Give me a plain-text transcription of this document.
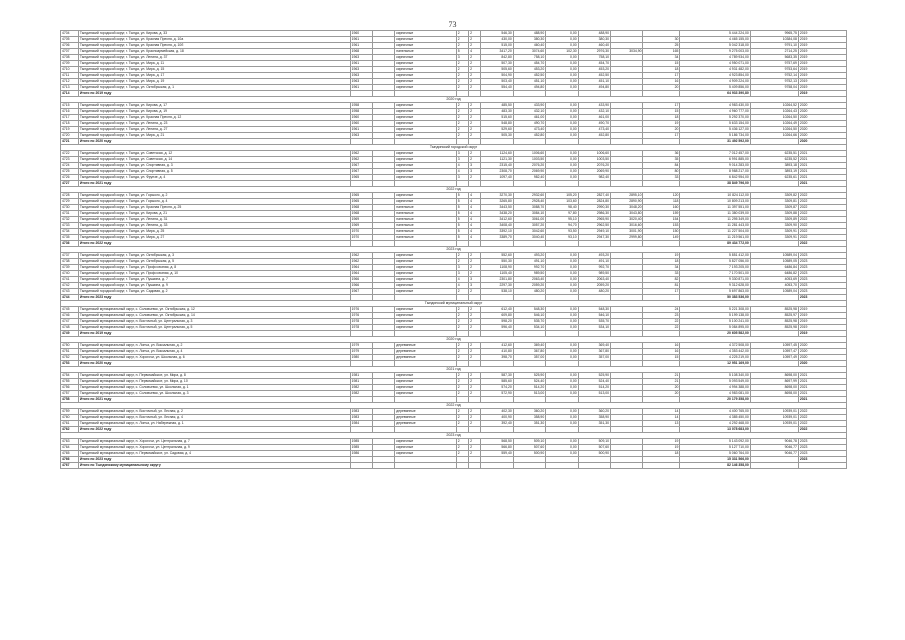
73
4704	Тындинский городской округ, г. Тында, ул. Кирова, д. 33	1960		кирпичные	2	2	546,30	488,90	0,00	488,90			5 444 224,00	9965,75	2019
4705	Тындинский городской округ, г. Тында, ул. Красная Пресня, д. 10а	1961		кирпичные	2	2	430,00	380,30	0,00	380,30		30	4 465 155,00	10384,08	2019
4706	Тындинский городской округ, г. Тында, ул. Красная Пресня, д. 10б	1961		кирпичные	2	2	515,00	460,40	0,00	460,40		25	5 042 318,00	9791,10	2019
4707	Тындинский городской округ, г. Тында, ул. Красноармейская, д. 18	1968		панельные	5	4	3417,20	3074,60	102,30	2976,30	3034,90	165	9 275 003,00	2714,25	2019
4708	Тындинский городской округ, г. Тында, ул. Ленина, д. 37	1963		кирпичные	3	2	842,80	758,10	0,00	758,10		34	4 789 934,00	5683,35	2019
4709	Тындинский городской округ, г. Тында, ул. Мира, д. 11	1961		кирпичные	2	2	507,30	454,70	0,00	454,70		15	4 950 071,00	9757,69	2019
4710	Тындинский городской округ, г. Тында, ул. Мира, д. 15	1963		кирпичные	2	2	505,60	453,20	0,00	453,20		18	4 931 482,00	9753,64	2019
4711	Тындинский городской округ, г. Тында, ул. Мира, д. 17	1963		кирпичные	2	2	504,90	452,50	0,00	452,50		17	4 923 854,00	9752,14	2019
4712	Тындинский городской округ, г. Тында, ул. Мира, д. 19	1963		кирпичные	2	2	503,40	451,10	0,00	451,10		16	4 909 224,00	9752,13	2019
4713	Тындинский городской округ, г. Тында, ул. Октябрьская, д. 1	1961		кирпичные	2	2	554,40	494,80	0,00	494,80		20	5 409 856,00	9758,04	2019
4714	Итого по 2019 году												64 933 390,80		2019
2020 год															
4715	Тындинский городской округ, г. Тында, ул. Кирова, д. 17	1958		кирпичные	2	2	485,50	433,90	0,00	433,90		17	4 983 430,00	10264,52	2020
4716	Тындинский городской округ, г. Тында, ул. Кирова, д. 19	1958		кирпичные	2	2	483,30	432,10	0,00	432,10		15	4 960 777,00	10264,43	2020
4717	Тындинский городской округ, г. Тында, ул. Красная Пресня, д. 12	1960		кирпичные	2	2	515,60	461,00	0,00	461,00		18	5 292 370,00	10264,50	2020
4718	Тындинский городской округ, г. Тында, ул. Ленина, д. 23	1960		кирпичные	2	2	548,80	490,70	0,00	490,70		19	5 633 154,00	10264,49	2020
4719	Тындинский городской округ, г. Тында, ул. Ленина, д. 27	1961		кирпичные	2	2	529,60	473,40	0,00	473,40		20	5 436 127,00	10264,50	2020
4720	Тындинский городской округ, г. Тында, ул. Мира, д. 21	1963		кирпичные	2	2	505,30	452,80	0,00	452,80		17	5 186 734,00	10264,66	2020
4721	Итого по 2020 году												31 492 592,00		2020
Тындинский городской округ															
4722	Тындинский городской округ, г. Тында, ул. Советская, д. 12	1962		кирпичные	3	2	1124,60	1006,60	0,00	1006,60		36	7 012 457,00	6235,51	2021
4723	Тындинский городской округ, г. Тында, ул. Советская, д. 14	1962		кирпичные	3	2	1121,30	1003,50	0,00	1003,50		35	6 991 885,00	6235,52	2021
4724	Тындинский городской округ, г. Тында, ул. Спортивная, д. 3	1967		кирпичные	4	3	2315,40	2076,20	0,00	2076,20		84	9 014 283,00	3893,18	2021
4725	Тындинский городской округ, г. Тында, ул. Спортивная, д. 5	1967		кирпичные	4	3	2308,70	2069,90	0,00	2069,90		80	8 988 217,00	3893,19	2021
4726	Тындинский городской округ, г. Тында, ул. Фрунзе, д. 4	1965		кирпичные	3	2	1097,40	982,40	0,00	982,40		33	6 842 954,00	6235,61	2021
4727	Итого по 2021 году												38 849 796,00		2021
2022 год															
4728	Тындинский городской округ, г. Тында, ул. Горького, д. 2	1965		кирпичные	5	4	3270,30	2932,60	105,20	2827,40	2895,10	120	10 824 112,00	3309,82	2022
4729	Тындинский городской округ, г. Тында, ул. Горького, д. 4	1965		кирпичные	5	4	3265,80	2928,40	103,60	2824,80	2890,90	118	10 809 213,00	3309,81	2022
4730	Тындинский городской округ, г. Тында, ул. Красная Пресня, д. 25	1968		панельные	5	4	3443,50	3088,70	98,40	2990,30	3048,20	160	11 397 551,00	3309,87	2022
4731	Тындинский городской округ, г. Тында, ул. Кирова, д. 21	1968		панельные	5	4	3438,20	3084,10	97,80	2986,30	3043,80	159	11 380 039,00	3309,88	2022
4732	Тындинский городской округ, г. Тында, ул. Ленина, д. 31	1969		панельные	5	4	3412,60	3061,00	95,10	2965,90	3020,40	154	11 295 349,00	3309,89	2022
4733	Тындинский городской округ, г. Тында, ул. Ленина, д. 33	1969		панельные	5	4	3408,40	3057,20	94,70	2962,50	3016,60	153	11 281 443,00	3309,90	2022
4734	Тындинский городской округ, г. Тында, ул. Мира, д. 25	1970		панельные	5	4	3392,10	3042,60	93,50	2949,10	3001,90	150	11 227 504,00	3309,91	2022
4735	Тындинский городской округ, г. Тында, ул. Мира, д. 27	1970		панельные	5	4	3389,70	3040,40	93,10	2947,30	2999,80	149	11 219 561,00	3309,91	2022
4736	Итого по 2022 году												89 434 772,00		2022
2023 год															
4737	Тындинский городской округ, г. Тында, ул. Октябрьская, д. 3	1962		кирпичные	2	2	552,60	493,20	0,00	493,20		19	5 851 412,00	10589,04	2023
4738	Тындинский городской округ, г. Тында, ул. Октябрьская, д. 5	1962		кирпичные	2	2	550,30	491,10	0,00	491,10		18	5 827 056,00	10589,05	2023
4739	Тындинский городской округ, г. Тында, ул. Профсоюзная, д. 8	1964		кирпичные	3	2	1108,90	992,70	0,00	992,70		34	7 193 205,00	6486,84	2023
4740	Тындинский городской округ, г. Тында, ул. Профсоюзная, д. 10	1964		кирпичные	3	2	1105,40	989,50	0,00	989,50		33	7 170 501,00	6486,82	2023
4741	Тындинский городской округ, г. Тында, ул. Пушкина, д. 7	1966		кирпичные	4	3	2301,80	2063,40	0,00	2063,40		82	9 330 871,00	4053,69	2023
4742	Тындинский городской округ, г. Тында, ул. Пушкина, д. 9	1966		кирпичные	4	3	2297,30	2059,20	0,00	2059,20		81	9 312 628,00	4053,70	2023
4743	Тындинский городской округ, г. Тында, ул. Садовая, д. 2	1967		кирпичные	2	2	538,10	480,20	0,00	480,20		17	5 697 863,00	10589,04	2023
4744	Итого по 2023 году												50 383 536,00		2023
Тындинский муниципальный округ															
4745	Тындинский муниципальный округ, с. Соловьевск, ул. Октябрьская, д. 12	1976		кирпичные	2	2	612,40	548,30	0,00	548,30		24	5 221 308,00	8525,98	2019
4746	Тындинский муниципальный округ, с. Соловьевск, ул. Октябрьская, д. 14	1976		кирпичные	2	2	609,80	546,10	0,00	546,10		23	5 199 138,00	8525,97	2019
4747	Тындинский муниципальный округ, п. Восточный, ул. Центральная, д. 3	1978		кирпичные	2	2	598,20	535,70	0,00	535,70		22	5 100 241,00	8525,98	2019
4748	Тындинский муниципальный округ, п. Восточный, ул. Центральная, д. 5	1978		кирпичные	2	2	596,40	534,10	0,00	534,10		22	5 084 895,00	8525,98	2019
4749	Итого по 2019 году												20 605 582,00		2019
2020 год															
4750	Тындинский муниципальный округ, п. Лопча, ул. Вокзальная, д. 2	1979		деревянные	2	2	412,60	369,40	0,00	369,40		16	4 372 508,00	10597,45	2020
4751	Тындинский муниципальный округ, п. Лопча, ул. Вокзальная, д. 4	1979		деревянные	2	2	410,80	367,80	0,00	367,80		16	4 353 442,00	10597,47	2020
4752	Тындинский муниципальный округ, п. Хорогочи, ул. Школьная, д. 6	1980		деревянные	2	2	398,70	357,00	0,00	357,00		15	4 225 219,00	10597,49	2020
4753	Итого по 2020 году												12 951 169,00		2020
2021 год															
4754	Тындинский муниципальный округ, п. Первомайское, ул. Мира, д. 8	1981		кирпичные	2	2	587,30	525,90	0,00	525,90		21	5 108 340,00	8698,00	2021
4755	Тындинский муниципальный округ, п. Первомайское, ул. Мира, д. 10	1981		кирпичные	2	2	585,60	524,40	0,00	524,40		21	5 093 549,00	8697,99	2021
4756	Тындинский муниципальный округ, с. Соловьевск, ул. Школьная, д. 1	1982		кирпичные	2	2	574,20	514,20	0,00	514,20		20	4 994 388,00	8698,00	2021
4757	Тындинский муниципальный округ, с. Соловьевск, ул. Школьная, д. 3	1982		кирпичные	2	2	572,90	513,00	0,00	513,00		20	4 983 081,00	8698,00	2021
4758	Итого по 2021 году												20 179 358,00		2021
2022 год															
4759	Тындинский муниципальный округ, п. Восточный, ул. Лесная, д. 2	1983		деревянные	2	2	402,30	360,20	0,00	360,20		14	4 400 765,00	10939,01	2022
4760	Тындинский муниципальный округ, п. Восточный, ул. Лесная, д. 4	1983		деревянные	2	2	400,90	358,90	0,00	358,90		14	4 385 450,00	10939,01	2022
4761	Тындинский муниципальный округ, п. Лопча, ул. Набережная, д. 1	1984		деревянные	2	2	392,40	351,30	0,00	351,30		13	4 292 468,00	10939,01	2022
4762	Итого по 2022 году												13 078 683,00		2022
2023 год															
4763	Тындинский муниципальный округ, п. Хорогочи, ул. Центральная, д. 7	1985		кирпичные	2	2	568,50	509,10	0,00	509,10		19	5 143 092,00	9046,78	2023
4764	Тындинский муниципальный округ, п. Хорогочи, ул. Центральная, д. 9	1985		кирпичные	2	2	566,80	507,60	0,00	507,60		19	5 127 710,00	9046,77	2023
4765	Тындинский муниципальный округ, п. Первомайское, ул. Садовая, д. 4	1986		кирпичные	2	2	559,40	500,90	0,00	500,90		18	5 060 764,00	9046,77	2023
4766	Итого по 2023 году												15 331 566,00		2023
4767	Итого по Тындинскому муниципальному округу												82 146 358,00		
